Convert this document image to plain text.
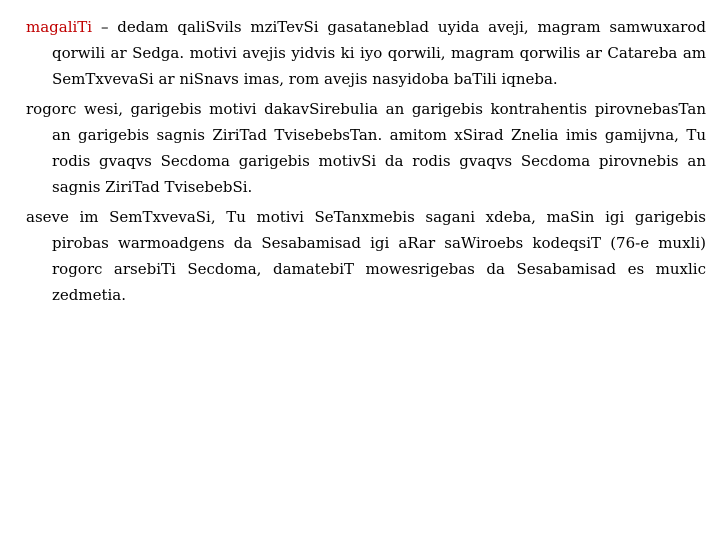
magaliTi – dedam qaliSvils mziTevSi gasataneblad uyida aveji, magram samwuxarod qorwili ar Sedga. motivi avejis yidvis ki iyo qorwili, magram qorwilis ar Catareba am SemTxvevaSi ar niSnavs imas, rom avejis nasyidoba baTili iqneba.

rogorc wesi, garigebis motivi dakavSirebulia an garigebis kontrahentis pirovnebasTan an garigebis sagnis ZiriTad TvisebebsTan. amitom xSirad Znelia imis gamijvna, Tu rodis gvaqvs Secdoma garigebis motivSi da rodis gvaqvs Secdoma pirovnebis an sagnis ZiriTad TvisebebSi.

aseve im SemTxvevaSi, Tu motivi SeTanxmebis sagani xdeba, maSin igi garigebis pirobas warmoadgens da Sesabamisad igi aRar saWiroebs kodeqsiT (76-e muxli) rogorc arsebiTi Secdoma, damatebiT mowesrigebas da Sesabamisad es muxlic zedmetia.
